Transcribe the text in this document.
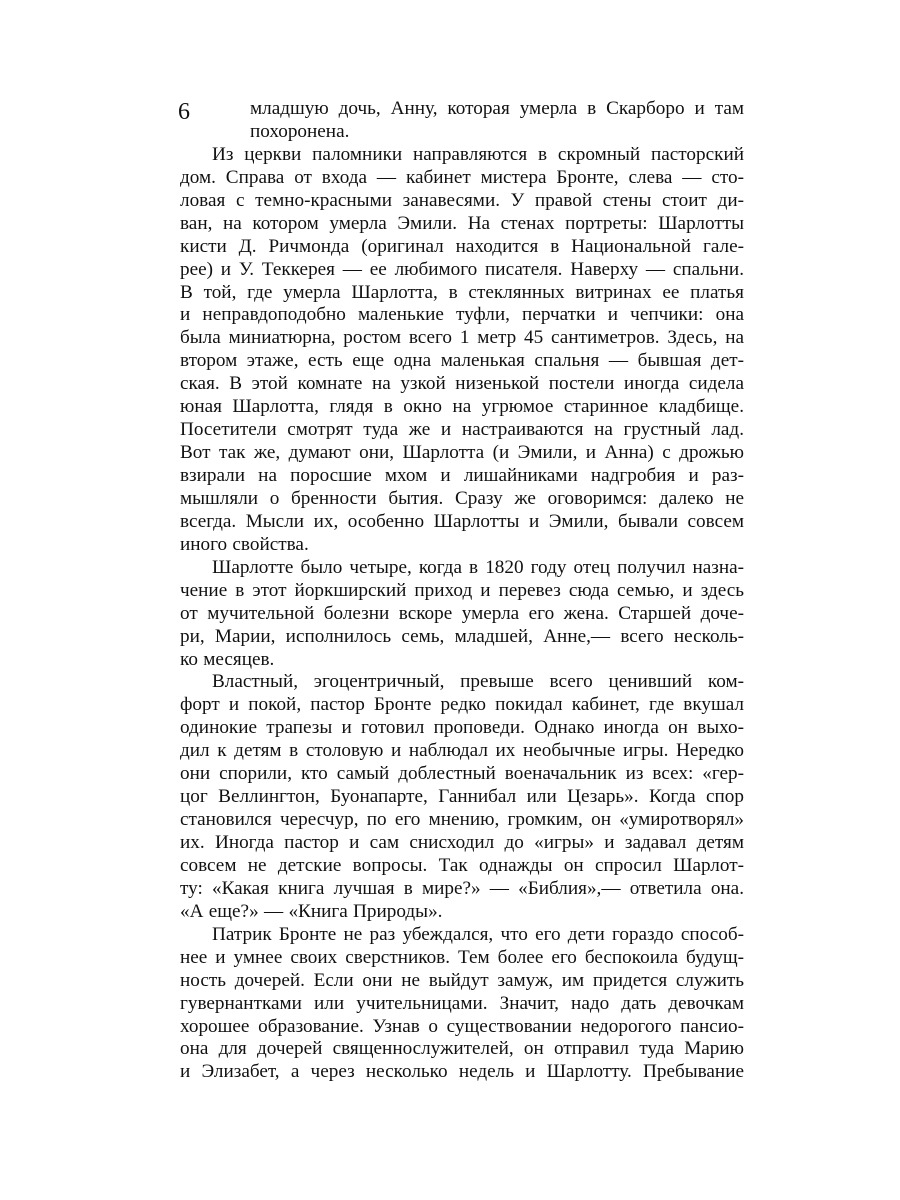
6	младшую дочь, Анну, которая умерла в Скарборо и там
похоронена.
Из церкви паломники направляются в скромный пасторский
дом. Справа от входа — кабинет мистера Бронте, слева — сто-
ловая с темно-красными занавесями. У правой стены стоит ди-
ван, на котором умерла Эмили. На стенах портреты: Шарлотты
кисти Д. Ричмонда (оригинал находится в Национальной гале-
рее) и У. Теккерея — ее любимого писателя. Наверху — спальни.
В той, где умерла Шарлотта, в стеклянных витринах ее платья
и неправдоподобно маленькие туфли, перчатки и чепчики: она
была миниатюрна, ростом всего 1 метр 45 сантиметров. Здесь, на
втором этаже, есть еще одна маленькая спальня — бывшая дет-
ская. В этой комнате на узкой низенькой постели иногда сидела
юная Шарлотта, глядя в окно на угрюмое старинное кладбище.
Посетители смотрят туда же и настраиваются на грустный лад.
Вот так же, думают они, Шарлотта (и Эмили, и Анна) с дрожью
взирали на поросшие мхом и лишайниками надгробия и раз-
мышляли о бренности бытия. Сразу же оговоримся: далеко не
всегда. Мысли их, особенно Шарлотты и Эмили, бывали совсем
иного свойства.
Шарлотте было четыре, когда в 1820 году отец получил назна-
чение в этот йоркширский приход и перевез сюда семью, и здесь
от мучительной болезни вскоре умерла его жена. Старшей доче-
ри, Марии, исполнилось семь, младшей, Анне,— всего несколь-
ко месяцев.
Властный, эгоцентричный, превыше всего ценивший ком-
форт и покой, пастор Бронте редко покидал кабинет, где вкушал
одинокие трапезы и готовил проповеди. Однако иногда он выхо-
дил к детям в столовую и наблюдал их необычные игры. Нередко
они спорили, кто самый доблестный военачальник из всех: «гер-
цог Веллингтон, Буонапарте, Ганнибал или Цезарь». Когда спор
становился чересчур, по его мнению, громким, он «умиротворял»
их. Иногда пастор и сам снисходил до «игры» и задавал детям
совсем не детские вопросы. Так однажды он спросил Шарлот-
ту: «Какая книга лучшая в мире?» — «Библия»,— ответила она.
«А еще?» — «Книга Природы».
Патрик Бронте не раз убеждался, что его дети гораздо способ-
нее и умнее своих сверстников. Тем более его беспокоила будущ-
ность дочерей. Если они не выйдут замуж, им придется служить
гувернантками или учительницами. Значит, надо дать девочкам
хорошее образование. Узнав о существовании недорогого пансио-
она для дочерей священнослужителей, он отправил туда Марию
и Элизабет, а через несколько недель и Шарлотту. Пребывание
